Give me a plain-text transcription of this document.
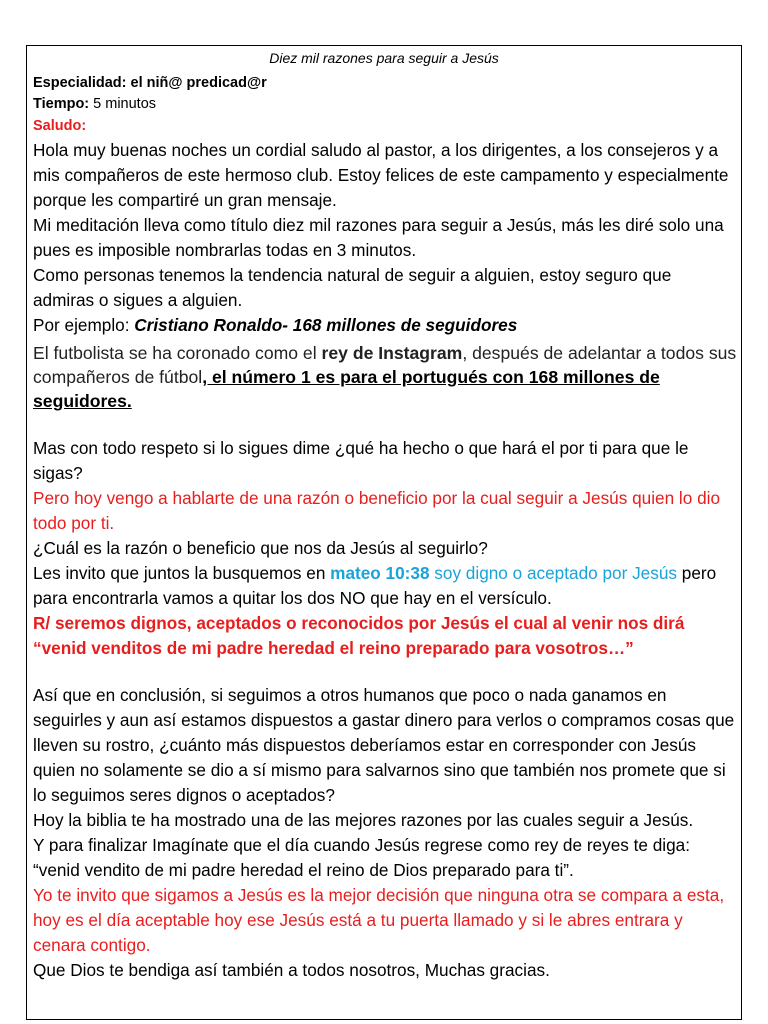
Diez mil razones para seguir a Jesús
Especialidad: el niñ@ predicad@r
Tiempo: 5 minutos
Saludo:

Hola muy buenas noches un cordial saludo al pastor, a los dirigentes, a los consejeros y a mis compañeros de este hermoso club. Estoy felices de este campamento y especialmente porque les compartiré un gran mensaje.

Mi meditación lleva como título diez mil razones para seguir a Jesús, más les diré solo una pues es imposible nombrarlas todas en 3 minutos.

Como personas tenemos la tendencia natural de seguir a alguien, estoy seguro que admiras o sigues a alguien.

Por ejemplo: Cristiano Ronaldo- 168 millones de seguidores

El futbolista se ha coronado como el rey de Instagram, después de adelantar a todos sus compañeros de fútbol, el número 1 es para el portugués con 168 millones de seguidores.

Mas con todo respeto si lo sigues dime ¿qué ha hecho o que hará el por ti para que le sigas?

Pero hoy vengo a hablarte de una razón o beneficio por la cual seguir a Jesús quien lo dio todo por ti.

¿Cuál es la razón o beneficio que nos da Jesús al seguirlo?

Les invito que juntos la busquemos en mateo 10:38 soy digno o aceptado por Jesús pero para encontrarla vamos a quitar los dos NO que hay en el versículo.

R/ seremos dignos, aceptados o reconocidos por Jesús el cual al venir nos dirá “venid venditos de mi padre heredad el reino preparado para vosotros…”

Así que en conclusión, si seguimos a otros humanos que poco o nada ganamos en seguirles y aun así estamos dispuestos a gastar dinero para verlos o compramos cosas que lleven su rostro, ¿cuánto más dispuestos deberíamos estar en corresponder con Jesús quien no solamente se dio a sí mismo para salvarnos sino que también nos promete que si lo seguimos seres dignos o aceptados?

Hoy la biblia te ha mostrado una de las mejores razones por las cuales seguir a Jesús.

Y para finalizar Imagínate que el día cuando Jesús regrese como rey de reyes te diga: “venid vendito de mi padre heredad el reino de Dios preparado para ti”.

Yo te invito que sigamos a Jesús es la mejor decisión que ninguna otra se compara a esta, hoy es el día aceptable hoy ese Jesús está a tu puerta llamado y si le abres entrara y cenara contigo.

Que Dios te bendiga así también a todos nosotros, Muchas gracias.
